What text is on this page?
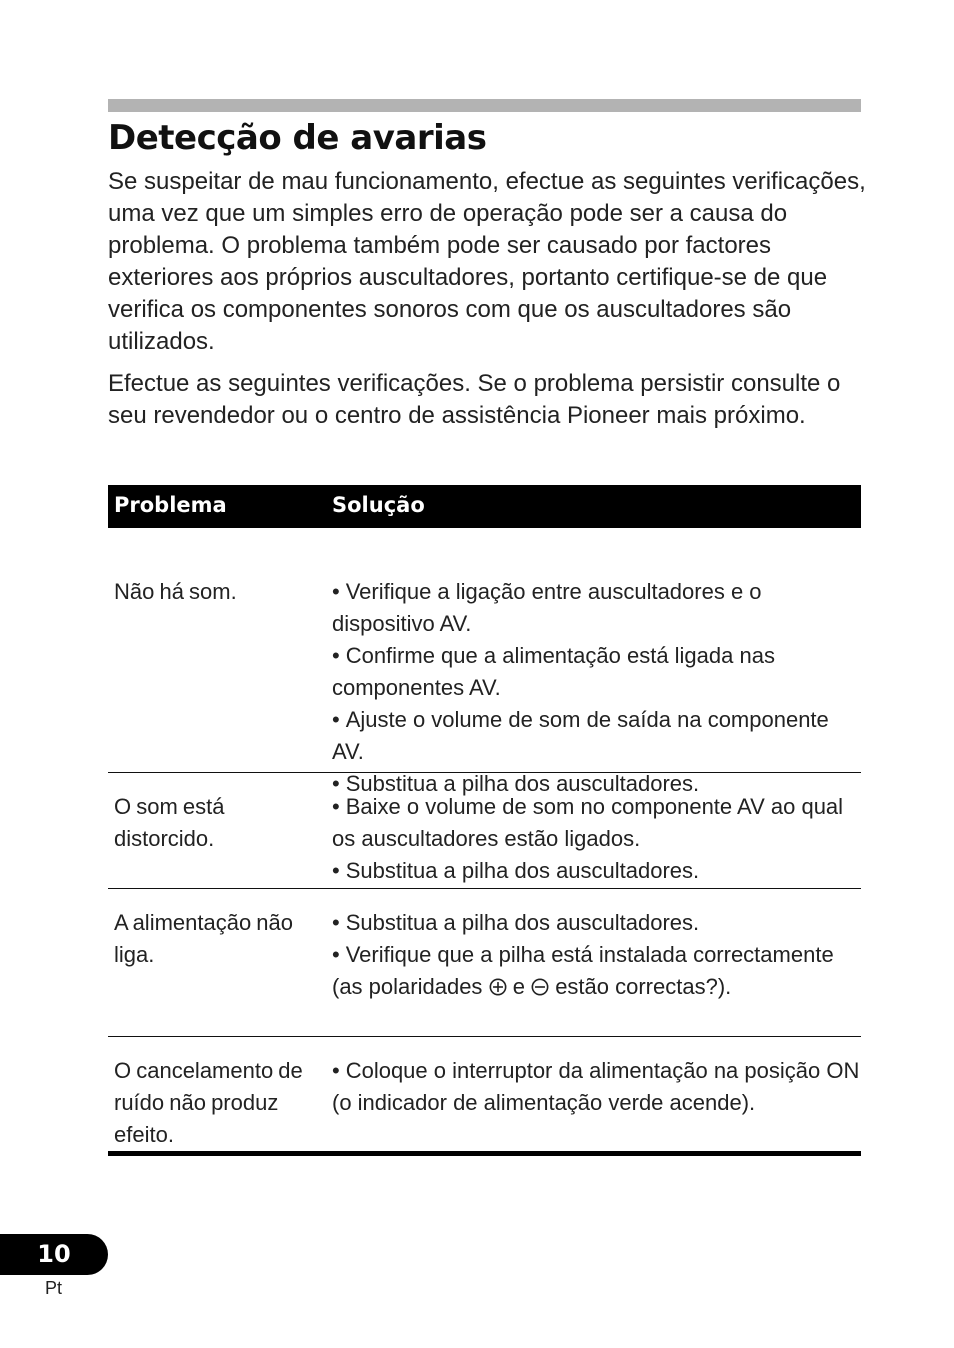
Detecção de avarias

Se suspeitar de mau funcionamento, efectue as seguintes verificações, uma vez que um simples erro de operação pode ser a causa do problema. O problema também pode ser causado por factores exteriores aos próprios auscultadores, portanto certifique-se de que verifica os componentes sonoros com que os auscultadores são utilizados.

Efectue as seguintes verificações. Se o problema persistir consulte o seu revendedor ou o centro de assistência Pioneer mais próximo.

Problema	Solução
Não há som.	• Verifique a ligação entre auscultadores e o dispositivo AV.
• Confirme que a alimentação está ligada nas componentes AV.
• Ajuste o volume de som de saída na componente AV.
• Substitua a pilha dos auscultadores.
O som está distorcido.
• Baixe o volume de som no componente AV ao qual os auscultadores estão ligados.
• Substitua a pilha dos auscultadores.
A alimentação não liga.
• Substitua a pilha dos auscultadores.
• Verifique que a pilha está instalada correctamente (as polaridades e estão correctas?).
O cancelamento de ruído não produz efeito.
• Coloque o interruptor da alimentação na posição ON (o indicador de alimentação verde acende).
10
Pt
